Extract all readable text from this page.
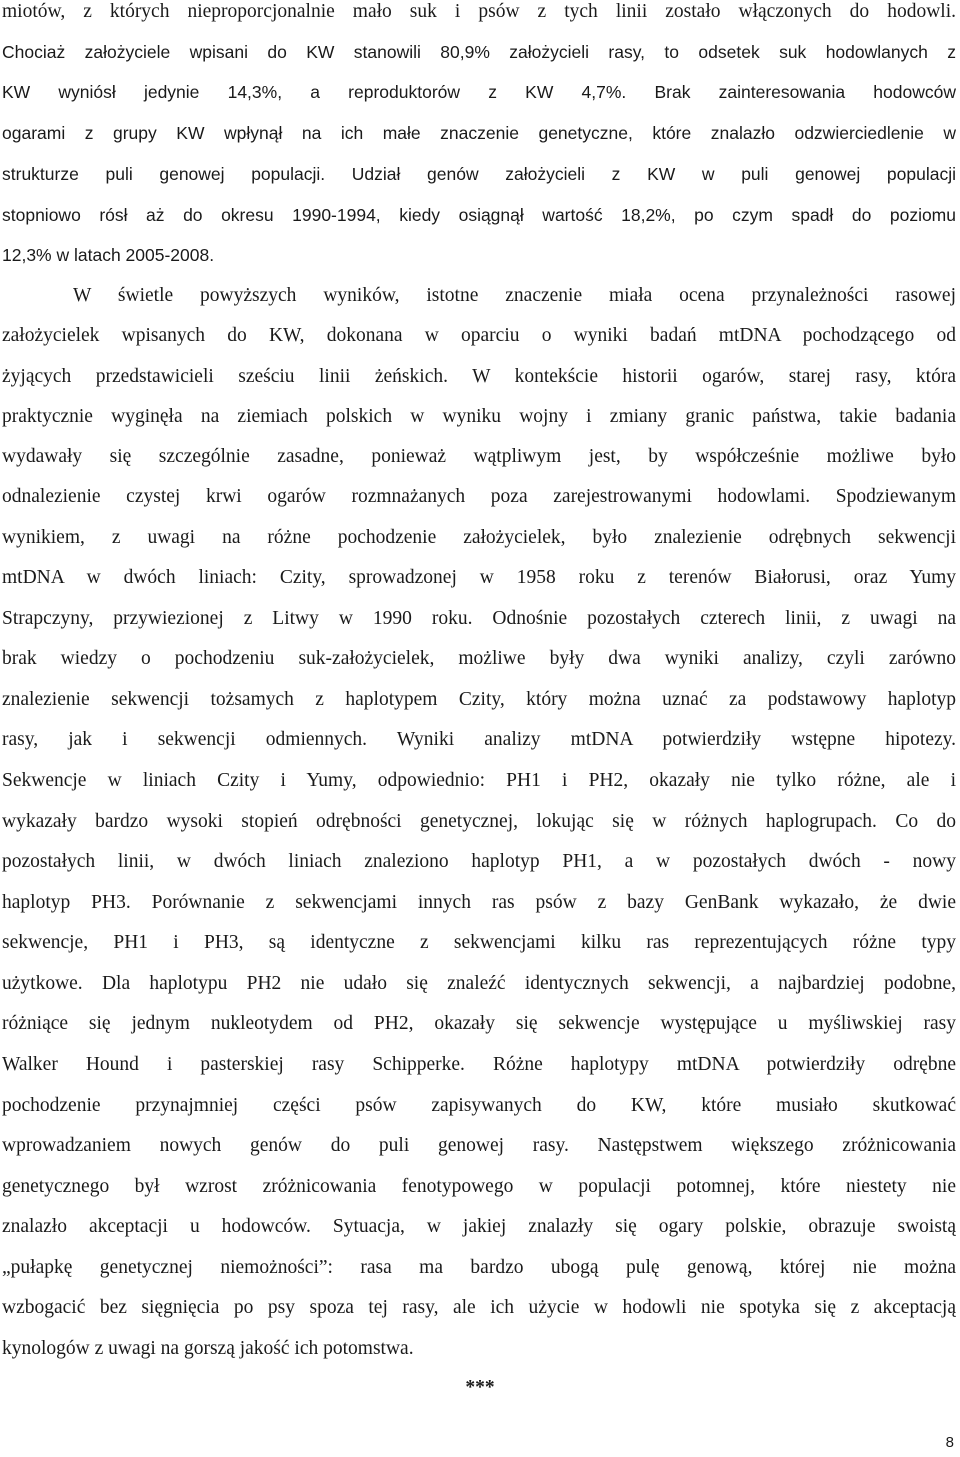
miotów, z których nieproporcjonalnie mało suk i psów z tych linii zostało włączonych do hodowli.
Chociaż założyciele wpisani do KW stanowili 80,9% założycieli rasy, to odsetek suk hodowlanych z
KW wyniósł jedynie 14,3%, a reproduktorów z KW 4,7%. Brak zainteresowania hodowców
ogarami z grupy KW wpłynął na ich małe znaczenie genetyczne, które znalazło odzwierciedlenie w
strukturze puli genowej populacji. Udział genów założycieli z KW w puli genowej populacji
stopniowo rósł aż do okresu 1990-1994, kiedy osiągnął wartość 18,2%, po czym spadł do poziomu
12,3% w latach 2005-2008.
W świetle powyższych wyników, istotne znaczenie miała ocena przynależności rasowej
założycielek wpisanych do KW, dokonana w oparciu o wyniki badań mtDNA pochodzącego od
żyjących przedstawicieli sześciu linii żeńskich. W kontekście historii ogarów, starej rasy, która
praktycznie wyginęła na ziemiach polskich w wyniku wojny i zmiany granic państwa, takie badania
wydawały się szczególnie zasadne, ponieważ wątpliwym jest, by współcześnie możliwe było
odnalezienie czystej krwi ogarów rozmnażanych poza zarejestrowanymi hodowlami. Spodziewanym
wynikiem, z uwagi na różne pochodzenie założycielek, było znalezienie odrębnych sekwencji
mtDNA w dwóch liniach: Czity, sprowadzonej w 1958 roku z terenów Białorusi, oraz Yumy
Strapczyny, przywiezionej z Litwy w 1990 roku. Odnośnie pozostałych czterech linii, z uwagi na
brak wiedzy o pochodzeniu suk-założycielek, możliwe były dwa wyniki analizy, czyli zarówno
znalezienie sekwencji tożsamych z haplotypem Czity, który można uznać za podstawowy haplotyp
rasy, jak i sekwencji odmiennych. Wyniki analizy mtDNA potwierdziły wstępne hipotezy.
Sekwencje w liniach Czity i Yumy, odpowiednio: PH1 i PH2, okazały nie tylko różne, ale i
wykazały bardzo wysoki stopień odrębności genetycznej, lokując się w różnych haplogrupach. Co do
pozostałych linii, w dwóch liniach znaleziono haplotyp PH1, a w pozostałych dwóch - nowy
haplotyp PH3. Porównanie z sekwencjami innych ras psów z bazy GenBank wykazało, że dwie
sekwencje, PH1 i PH3, są identyczne z sekwencjami kilku ras reprezentujących różne typy
użytkowe. Dla haplotypu PH2 nie udało się znaleźć identycznych sekwencji, a najbardziej podobne,
różniące się jednym nukleotydem od PH2, okazały się sekwencje występujące u myśliwskiej rasy
Walker Hound i pasterskiej rasy Schipperke. Różne haplotypy mtDNA potwierdziły odrębne
pochodzenie przynajmniej części psów zapisywanych do KW, które musiało skutkować
wprowadzaniem nowych genów do puli genowej rasy. Następstwem większego zróżnicowania
genetycznego był wzrost zróżnicowania fenotypowego w populacji potomnej, które niestety nie
znalazło akceptacji u hodowców. Sytuacja, w jakiej znalazły się ogary polskie, obrazuje swoistą
„pułapkę genetycznej niemożności”: rasa ma bardzo ubogą pulę genową, której nie można
wzbogacić bez sięgnięcia po psy spoza tej rasy, ale ich użycie w hodowli nie spotyka się z akceptacją
kynologów z uwagi na gorszą jakość ich potomstwa.
***
8
